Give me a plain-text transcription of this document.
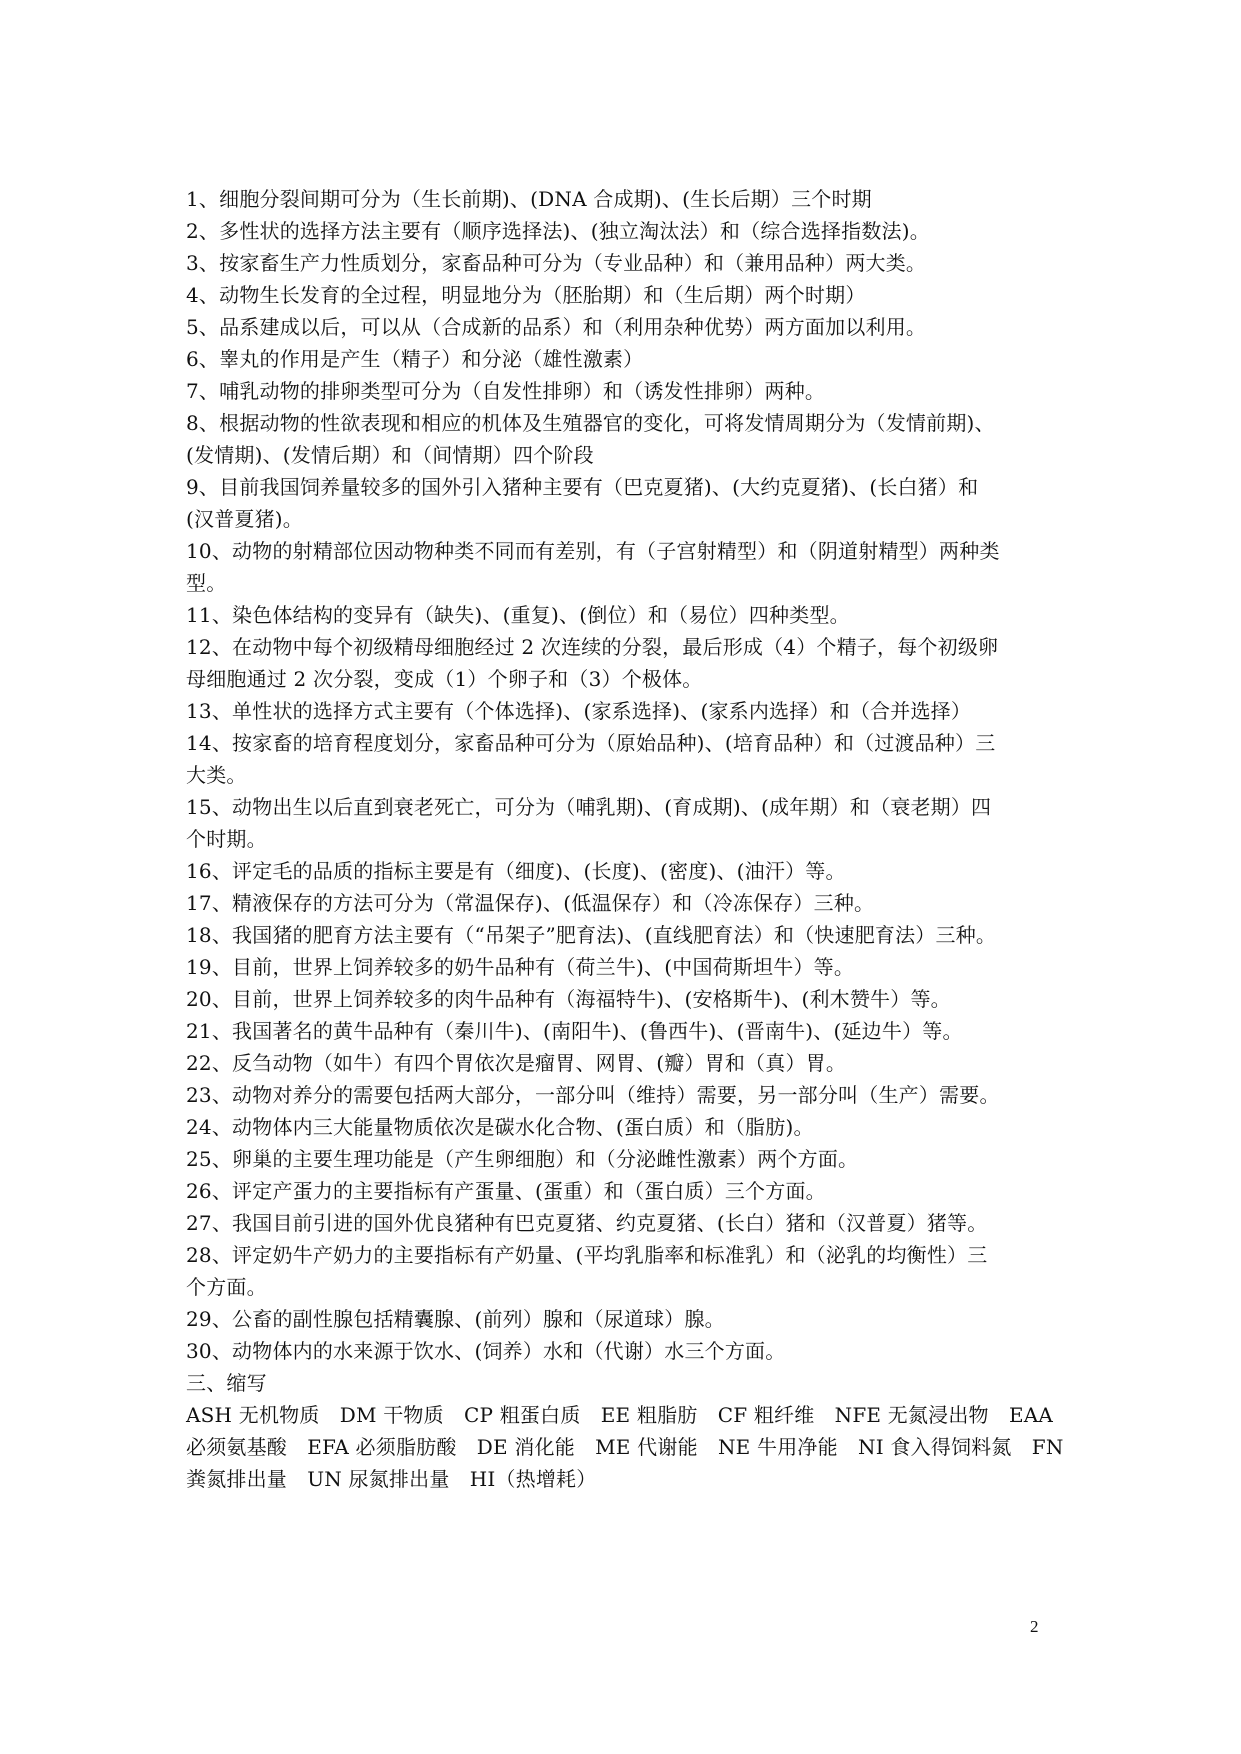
1、细胞分裂间期可分为（生长前期)、(DNA 合成期)、(生长后期）三个时期
2、多性状的选择方法主要有（顺序选择法)、(独立淘汰法）和（综合选择指数法)。
3、按家畜生产力性质划分，家畜品种可分为（专业品种）和（兼用品种）两大类。
4、动物生长发育的全过程，明显地分为（胚胎期）和（生后期）两个时期）
5、品系建成以后，可以从（合成新的品系）和（利用杂种优势）两方面加以利用。
6、睾丸的作用是产生（精子）和分泌（雄性激素）
7、哺乳动物的排卵类型可分为（自发性排卵）和（诱发性排卵）两种。
8、根据动物的性欲表现和相应的机体及生殖器官的变化，可将发情周期分为（发情前期)、
(发情期)、(发情后期）和（间情期）四个阶段
9、目前我国饲养量较多的国外引入猪种主要有（巴克夏猪)、(大约克夏猪)、(长白猪）和
(汉普夏猪)。
10、动物的射精部位因动物种类不同而有差别，有（子宫射精型）和（阴道射精型）两种类
型。
11、染色体结构的变异有（缺失)、(重复)、(倒位）和（易位）四种类型。
12、在动物中每个初级精母细胞经过 2 次连续的分裂，最后形成（4）个精子，每个初级卵
母细胞通过 2 次分裂，变成（1）个卵子和（3）个极体。
13、单性状的选择方式主要有（个体选择)、(家系选择)、(家系内选择）和（合并选择）
14、按家畜的培育程度划分，家畜品种可分为（原始品种)、(培育品种）和（过渡品种）三
大类。
15、动物出生以后直到衰老死亡，可分为（哺乳期)、(育成期)、(成年期）和（衰老期）四
个时期。
16、评定毛的品质的指标主要是有（细度)、(长度)、(密度)、(油汗）等。
17、精液保存的方法可分为（常温保存)、(低温保存）和（冷冻保存）三种。
18、我国猪的肥育方法主要有（“吊架子”肥育法)、(直线肥育法）和（快速肥育法）三种。
19、目前，世界上饲养较多的奶牛品种有（荷兰牛)、(中国荷斯坦牛）等。
20、目前，世界上饲养较多的肉牛品种有（海福特牛)、(安格斯牛)、(利木赞牛）等。
21、我国著名的黄牛品种有（秦川牛)、(南阳牛)、(鲁西牛)、(晋南牛)、(延边牛）等。
22、反刍动物（如牛）有四个胃依次是瘤胃、网胃、(瓣）胃和（真）胃。
23、动物对养分的需要包括两大部分，一部分叫（维持）需要，另一部分叫（生产）需要。
24、动物体内三大能量物质依次是碳水化合物、(蛋白质）和（脂肪)。
25、卵巢的主要生理功能是（产生卵细胞）和（分泌雌性激素）两个方面。
26、评定产蛋力的主要指标有产蛋量、(蛋重）和（蛋白质）三个方面。
27、我国目前引进的国外优良猪种有巴克夏猪、约克夏猪、(长白）猪和（汉普夏）猪等。
28、评定奶牛产奶力的主要指标有产奶量、(平均乳脂率和标准乳）和（泌乳的均衡性）三
个方面。
29、公畜的副性腺包括精囊腺、(前列）腺和（尿道球）腺。
30、动物体内的水来源于饮水、(饲养）水和（代谢）水三个方面。
三、缩写
ASH 无机物质　DM 干物质　CP 粗蛋白质　EE 粗脂肪　CF 粗纤维　NFE 无氮浸出物　EAA
必须氨基酸　EFA 必须脂肪酸　DE 消化能　ME 代谢能　NE 牛用净能　NI 食入得饲料氮　FN
粪氮排出量　UN 尿氮排出量　HI（热增耗）
2
